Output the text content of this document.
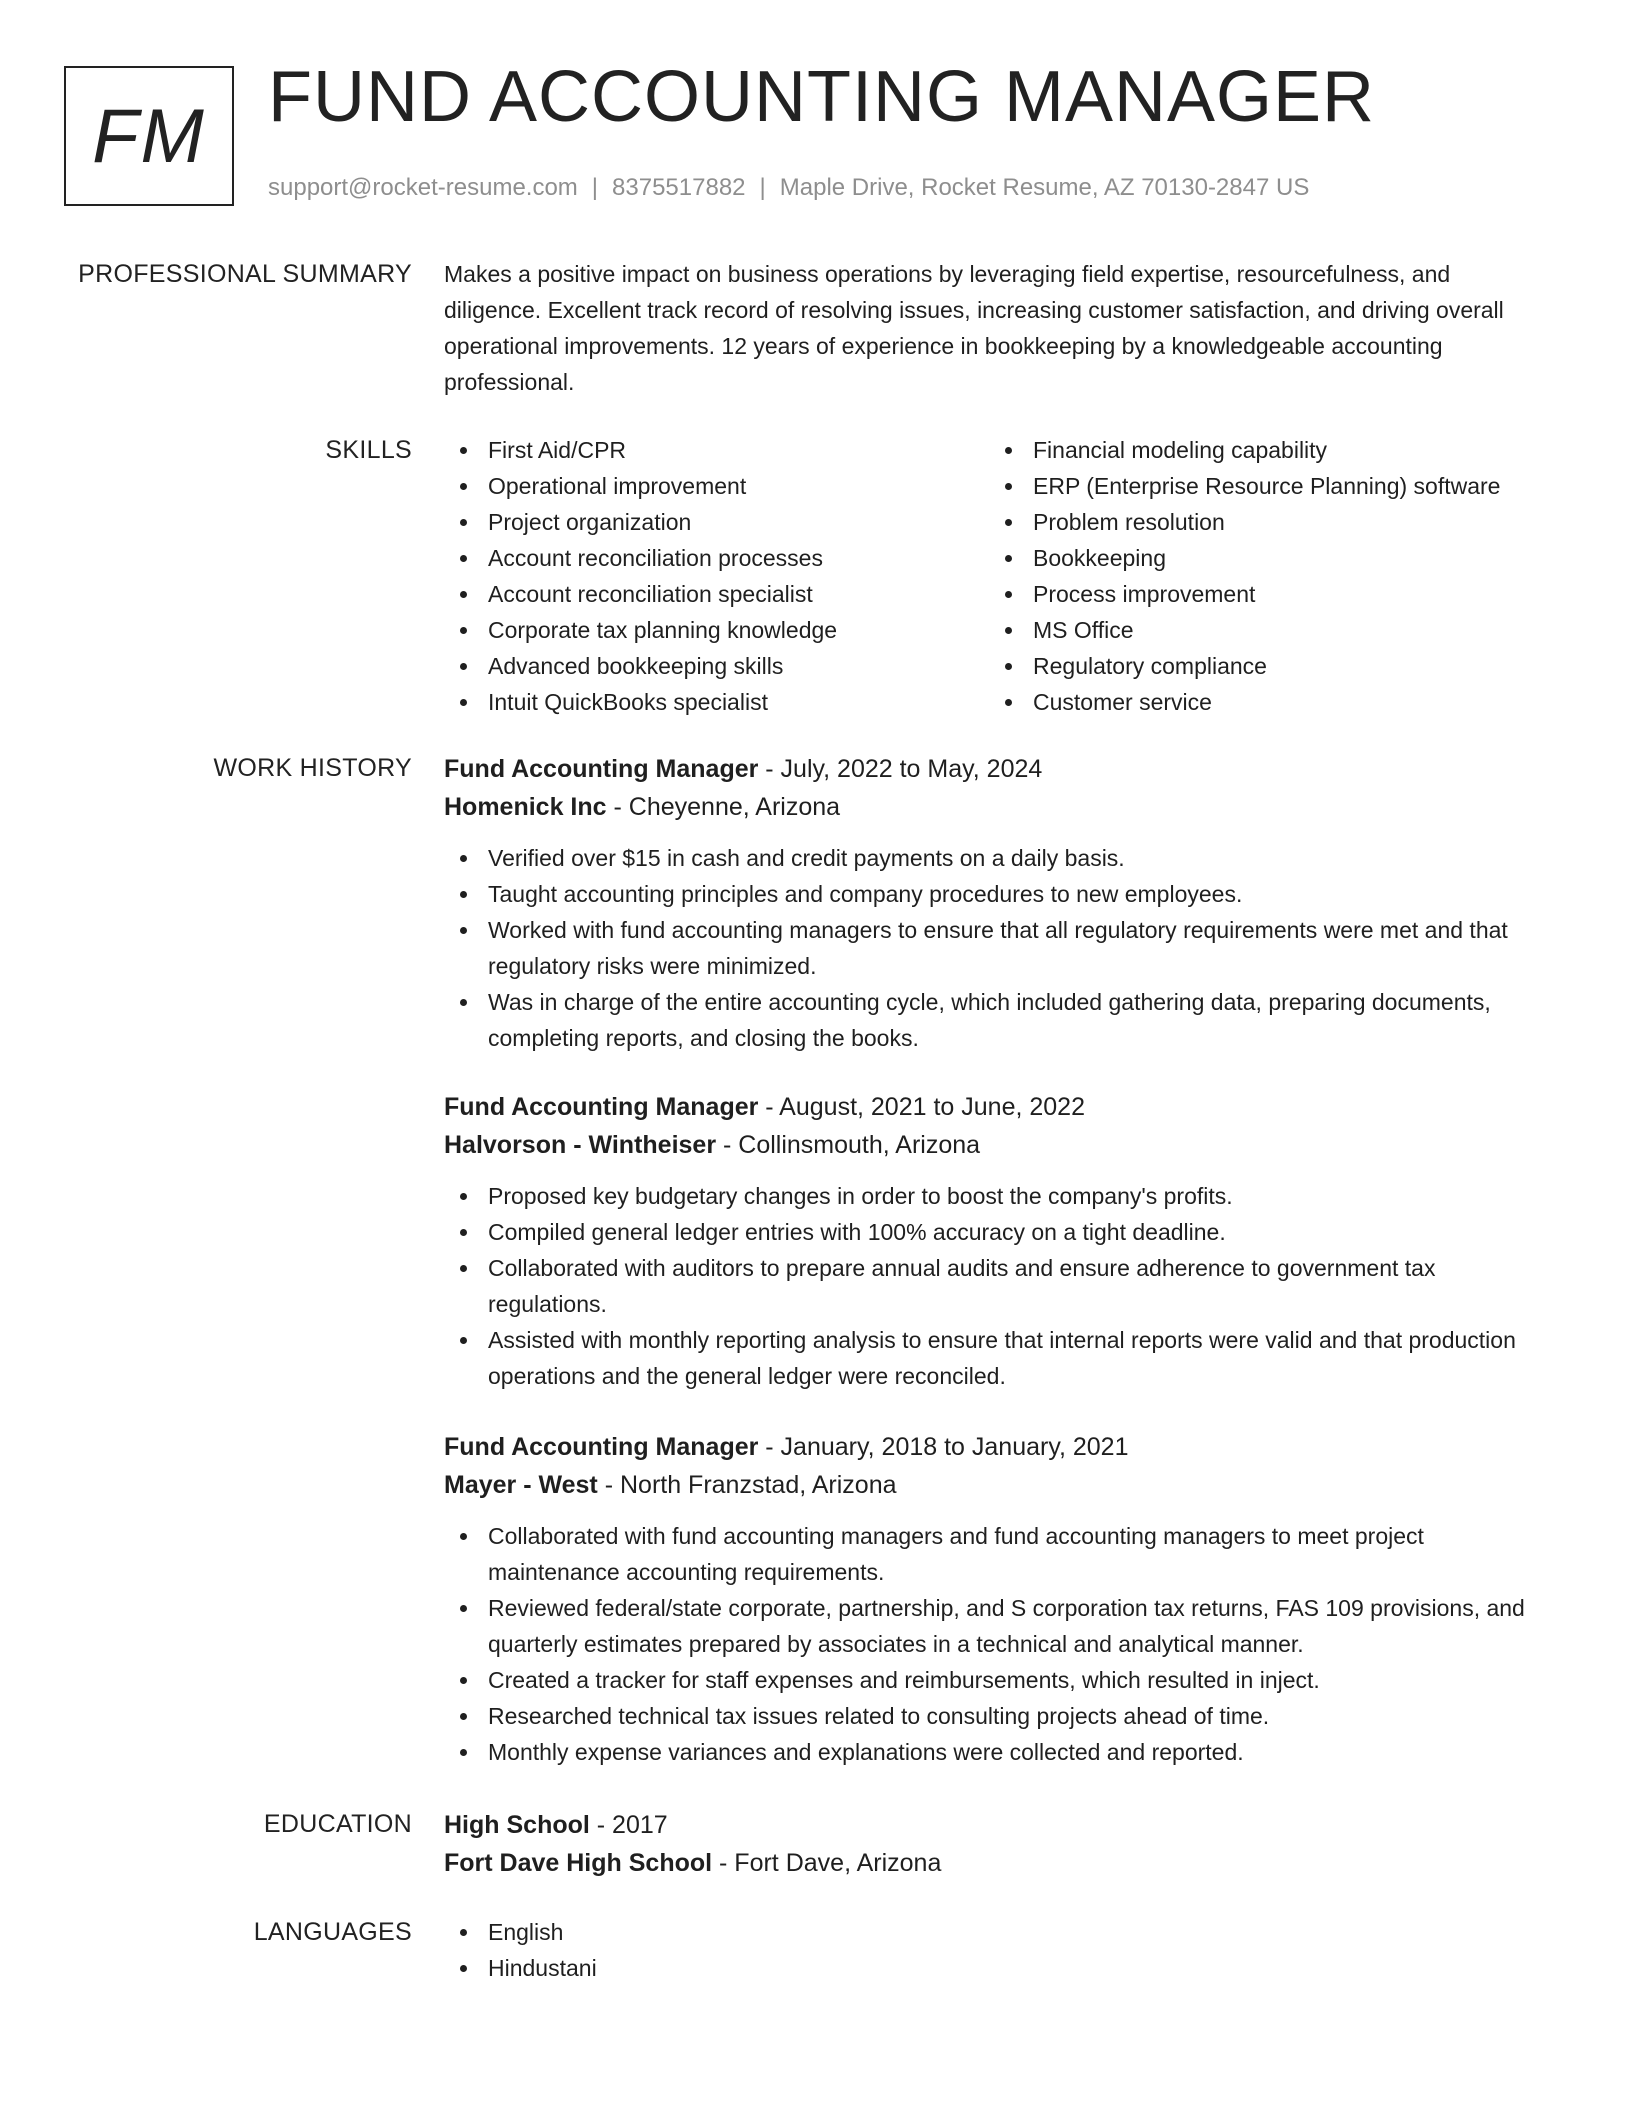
FM FUND ACCOUNTING MANAGER
support@rocket-resume.com | 8375517882 | Maple Drive, Rocket Resume, AZ 70130-2847 US
PROFESSIONAL SUMMARY Makes a positive impact on business operations by leveraging field expertise, resourcefulness, and diligence. Excellent track record of resolving issues, increasing customer satisfaction, and driving overall operational improvements. 12 years of experience in bookkeeping by a knowledgeable accounting professional.

SKILLS	First Aid/CPR
Operational improvement
Project organization
Account reconciliation processes
Account reconciliation specialist
Corporate tax planning knowledge
Advanced bookkeeping skills
Intuit QuickBooks specialist
Financial modeling capability
ERP (Enterprise Resource Planning) software
Problem resolution
Bookkeeping
Process improvement
MS Office
Regulatory compliance
Customer service
WORK HISTORY Fund Accounting Manager - July, 2022 to May, 2024
Homenick Inc - Cheyenne, Arizona
Verified over $15 in cash and credit payments on a daily basis.
Taught accounting principles and company procedures to new employees.
Worked with fund accounting managers to ensure that all regulatory requirements were met and that regulatory risks were minimized.
Was in charge of the entire accounting cycle, which included gathering data, preparing documents, completing reports, and closing the books.
Fund Accounting Manager - August, 2021 to June, 2022
Halvorson - Wintheiser - Collinsmouth, Arizona
Proposed key budgetary changes in order to boost the company's profits.
Compiled general ledger entries with 100% accuracy on a tight deadline.
Collaborated with auditors to prepare annual audits and ensure adherence to government tax regulations.
Assisted with monthly reporting analysis to ensure that internal reports were valid and that production operations and the general ledger were reconciled.
Fund Accounting Manager - January, 2018 to January, 2021
Mayer - West - North Franzstad, Arizona
Collaborated with fund accounting managers and fund accounting managers to meet project maintenance accounting requirements.
Reviewed federal/state corporate, partnership, and S corporation tax returns, FAS 109 provisions, and quarterly estimates prepared by associates in a technical and analytical manner.
Created a tracker for staff expenses and reimbursements, which resulted in inject.
Researched technical tax issues related to consulting projects ahead of time.
Monthly expense variances and explanations were collected and reported.
EDUCATION High School - 2017
Fort Dave High School - Fort Dave, Arizona
LANGUAGES	English
Hindustani
